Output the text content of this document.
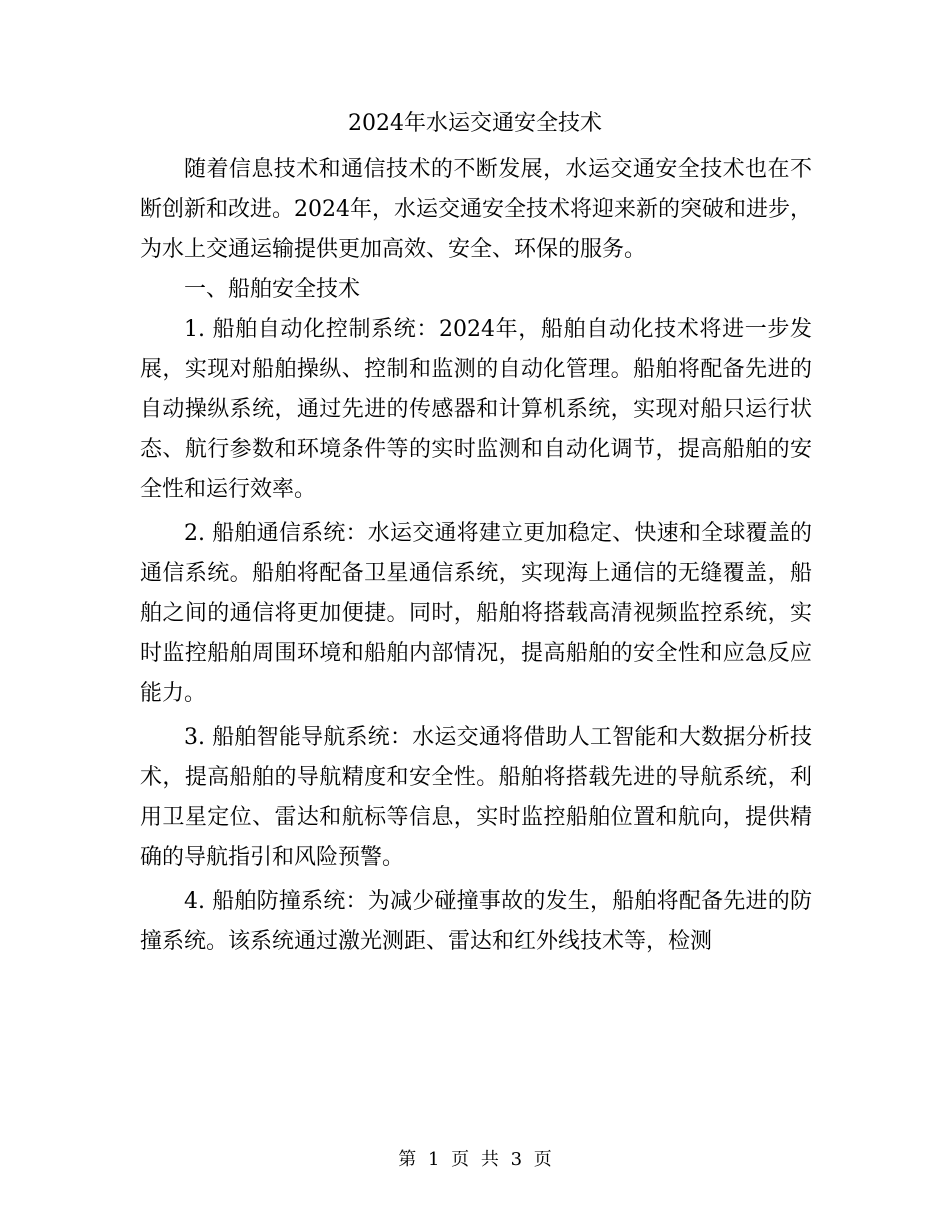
2024年水运交通安全技术

随着信息技术和通信技术的不断发展，水运交通安全技术也在不断创新和改进。2024年，水运交通安全技术将迎来新的突破和进步，为水上交通运输提供更加高效、安全、环保的服务。

一、船舶安全技术

1. 船舶自动化控制系统：2024年，船舶自动化技术将进一步发展，实现对船舶操纵、控制和监测的自动化管理。船舶将配备先进的自动操纵系统，通过先进的传感器和计算机系统，实现对船只运行状态、航行参数和环境条件等的实时监测和自动化调节，提高船舶的安全性和运行效率。

2. 船舶通信系统：水运交通将建立更加稳定、快速和全球覆盖的通信系统。船舶将配备卫星通信系统，实现海上通信的无缝覆盖，船舶之间的通信将更加便捷。同时，船舶将搭载高清视频监控系统，实时监控船舶周围环境和船舶内部情况，提高船舶的安全性和应急反应能力。

3. 船舶智能导航系统：水运交通将借助人工智能和大数据分析技术，提高船舶的导航精度和安全性。船舶将搭载先进的导航系统，利用卫星定位、雷达和航标等信息，实时监控船舶位置和航向，提供精确的导航指引和风险预警。

4. 船舶防撞系统：为减少碰撞事故的发生，船舶将配备先进的防撞系统。该系统通过激光测距、雷达和红外线技术等，检测

第 1 页 共 3 页
